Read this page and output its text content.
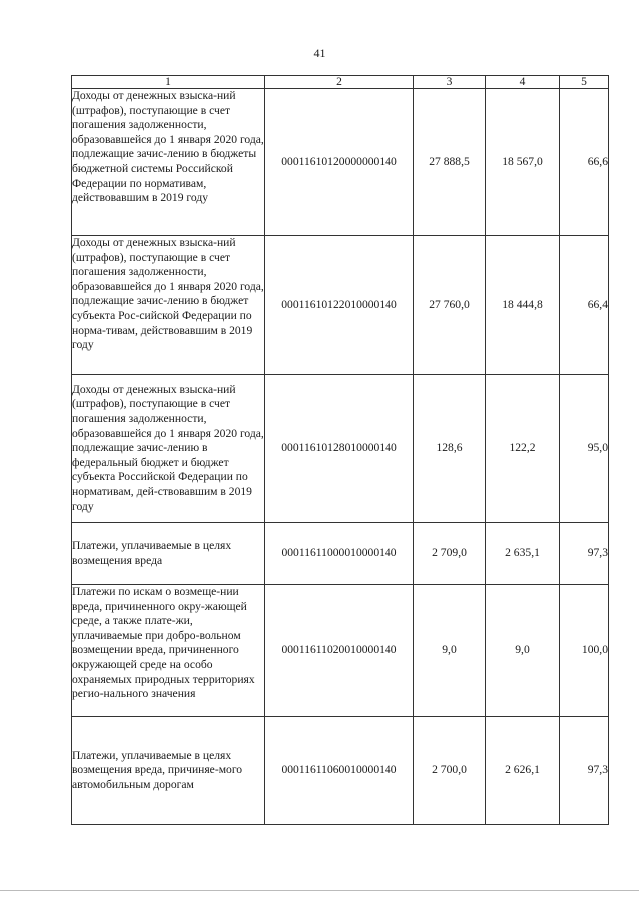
41
1	2	3	4	5
Доходы от денежных взыска-ний (штрафов), поступающие в счет погашения задолженности, образовавшейся до 1 января 2020 года, подлежащие зачис-лению в бюджеты бюджетной системы Российской Федерации по нормативам, действовавшим в 2019 году	00011610120000000140	27 888,5	18 567,0	66,6
Доходы от денежных взыска-ний (штрафов), поступающие в счет погашения задолженности, образовавшейся до 1 января 2020 года, подлежащие зачис-лению в бюджет субъекта Рос-сийской Федерации по норма-тивам, действовавшим в 2019 году	00011610122010000140	27 760,0	18 444,8	66,4
Доходы от денежных взыска-ний (штрафов), поступающие в счет погашения задолженности, образовавшейся до 1 января 2020 года, подлежащие зачис-лению в федеральный бюджет и бюджет субъекта Российской Федерации по нормативам, дей-ствовавшим в 2019 году	00011610128010000140	128,6	122,2	95,0
Платежи, уплачиваемые в целях возмещения вреда	00011611000010000140	2 709,0	2 635,1	97,3
Платежи по искам о возмеще-нии вреда, причиненного окру-жающей среде, а также плате-жи, уплачиваемые при добро-вольном возмещении вреда, причиненного окружающей среде на особо охраняемых природных территориях регио-нального значения	00011611020010000140	9,0	9,0	100,0
Платежи, уплачиваемые в целях возмещения вреда, причиняе-мого автомобильным дорогам	00011611060010000140	2 700,0	2 626,1	97,3
